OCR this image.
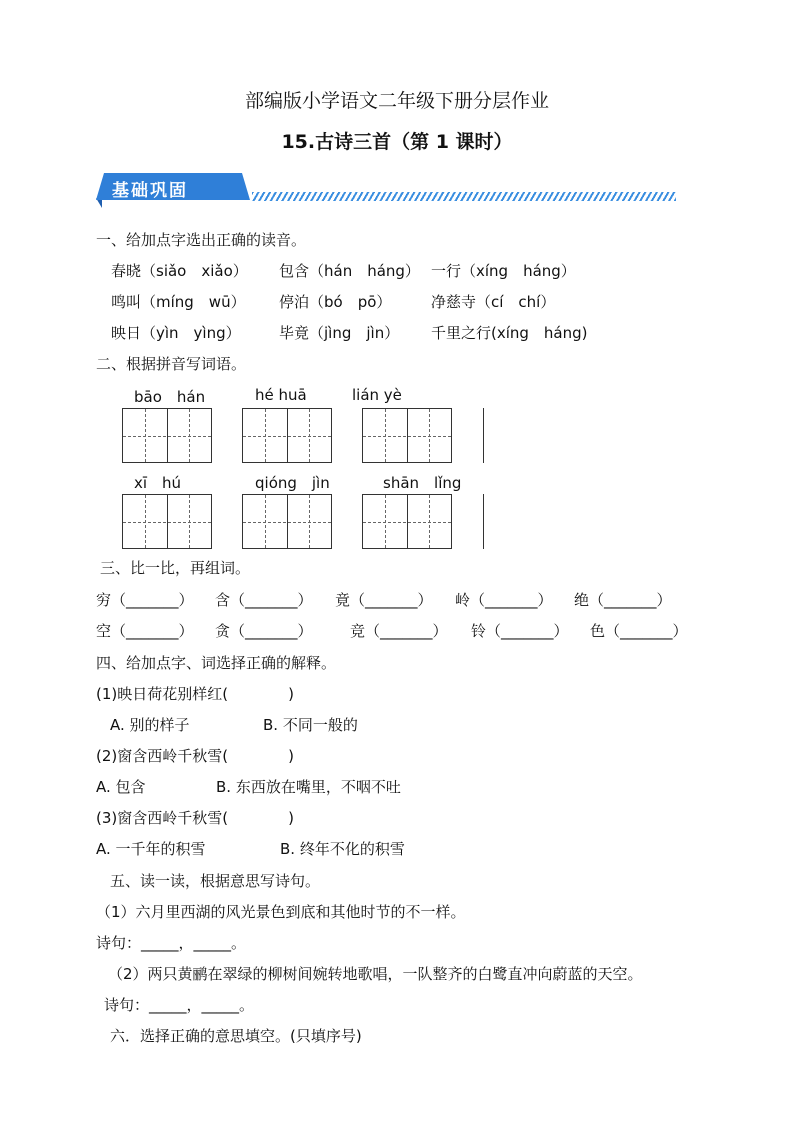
部编版小学语文二年级下册分层作业
15.古诗三首（第 1 课时）
基础巩固
一、给加点字选出正确的读音。
春晓（siǎo　xiǎo） 包含（hán　háng） 一行（xíng　háng）
鸣叫（míng　wū） 停泊（bó　pō）	净慈寺（cí　chí）
映日（yìn　yìng）	毕竟（jìng　jìn） 千里之行(xíng　háng)
二、根据拼音写词语。
bāo　hán	hé huā	lián yè
xī　hú	qióng　jìn	shān　lǐng
三、比一比，再组词。
穷（_______） 含（_______） 竟（_______） 岭（_______） 绝（_______）
空（_______） 贪（_______） 竞（_______） 铃（_______） 色（_______）
四、给加点字、词选择正确的解释。
(1)映日荷花别样红(　　　　)
A. 别的样子	B. 不同一般的
(2)窗含西岭千秋雪(　　　　)
A. 包含	B. 东西放在嘴里，不咽不吐
(3)窗含西岭千秋雪(　　　　)
A. 一千年的积雪	B. 终年不化的积雪
五、读一读，根据意思写诗句。
（1）六月里西湖的风光景色到底和其他时节的不一样。
诗句：_____，_____。
（2）两只黄鹂在翠绿的柳树间婉转地歌唱，一队整齐的白鹭直冲向蔚蓝的天空。
诗句：_____，_____。
六．选择正确的意思填空。(只填序号)
